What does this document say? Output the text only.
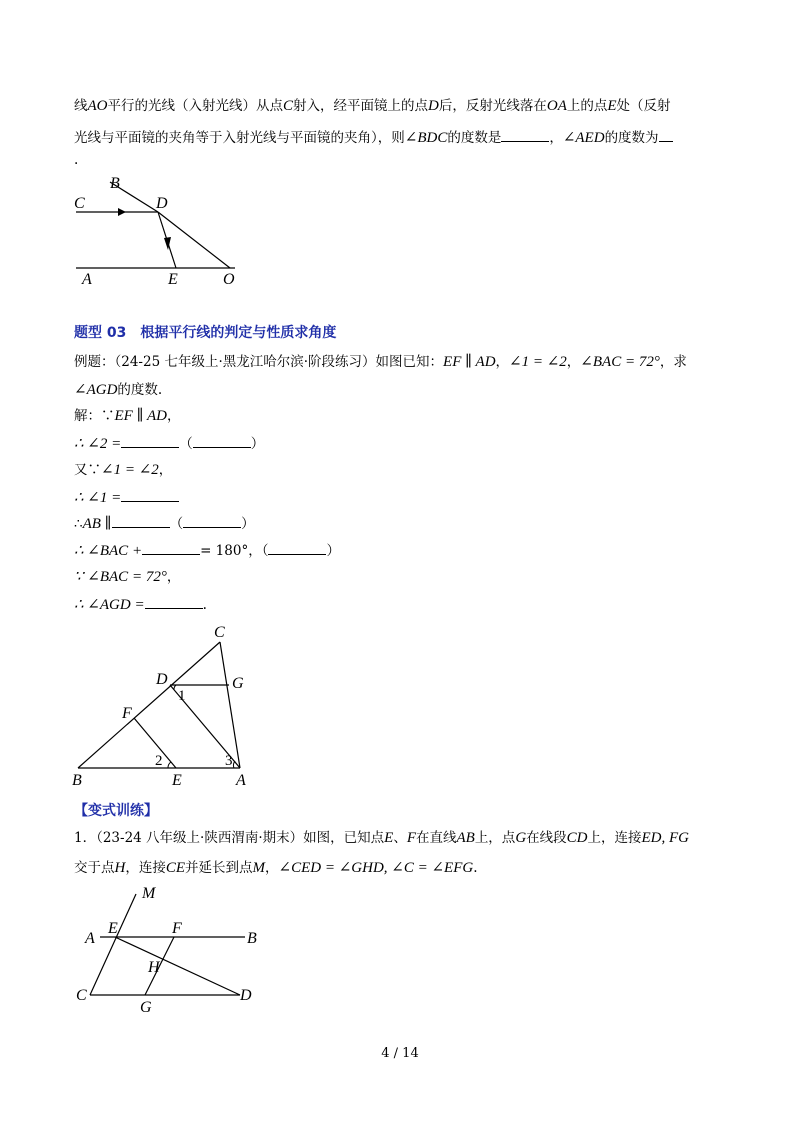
线AO平行的光线（入射光线）从点C射入，经平面镜上的点D后，反射光线落在OA上的点E处（反射
光线与平面镜的夹角等于入射光线与平面镜的夹角），则∠BDC的度数是	，∠AED的度数为
.
B
C	D
A	E	O
题型 03　根据平行线的判定与性质求角度
例题：（24-25 七年级上·黑龙江哈尔滨·阶段练习）如图已知：EF ∥ AD，∠1 = ∠2，∠BAC = 72°，求
∠AGD的度数.
解：∵EF ∥ AD，
∴ ∠2 =	（	）
又∵∠1 = ∠2，
∴ ∠1 =
∴AB ∥	（	）
∴ ∠BAC +	= 180°，（	）
∵ ∠BAC = 72°，
∴ ∠AGD =	.
C
D	G
1
F
2	3
B	E	A
【变式训练】
1．（23-24 八年级上·陕西渭南·期末）如图，已知点E、F在直线AB上，点G在线段CD上，连接ED, FG
交于点H，连接CE并延长到点M，∠CED = ∠GHD, ∠C = ∠EFG.
M
E	F
A	B
H
C
G
D
4 / 14
